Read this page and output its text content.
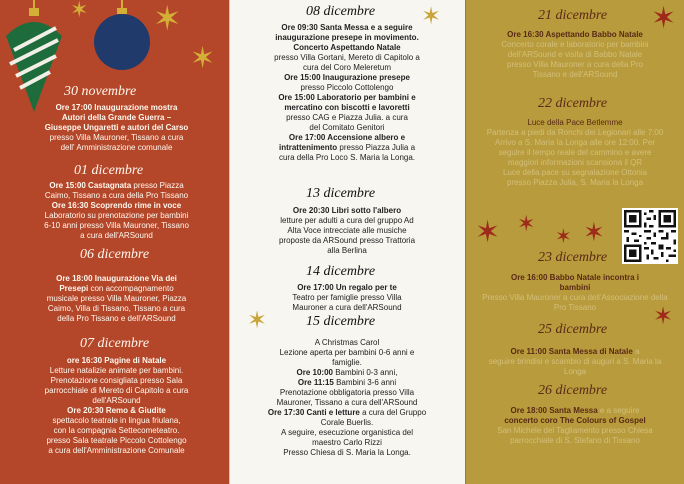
✶ ✶
✶
30 novembre
Ore 17:00 Inaugurazione mostra
Autori della Grande Guerra –
Giuseppe Ungaretti e autori del Carso
presso Villa Mauroner, Tissano a cura
dell' Amministrazione comunale
01 dicembre
Ore 15:00 Castagnata presso Piazza
Caimo, Tissano a cura della Pro Tissano
Ore 16:30 Scoprendo rime in voce
Laboratorio su prenotazione per bambini
6-10 anni presso Villa Mauroner, Tissano
a cura dell'ARSound
06 dicembre
Ore 18:00 Inaugurazione Via dei
Presepi con accompagnamento
musicale presso Villa Mauroner, Piazza
Caimo, Villa di Tissano, Tissano a cura
della Pro Tissano e dell'ARSound
07 dicembre
ore 16:30 Pagine di Natale
Letture natalizie animate per bambini.
Prenotazione consigliata presso Sala
parrocchiale di Mereto di Capitolo a cura
dell'ARSound
Ore 20:30 Remo & Giudite
spettacolo teatrale in lingua friulana,
con la compagnia Settecometeatro.
presso Sala teatrale Piccolo Cottolengo
a cura dell'Amministrazione Comunale
✶
✶
08 dicembre
Ore 09:30 Santa Messa e a seguire
inaugurazione presepe in movimento.
Concerto Aspettando Natale
presso Villa Gortani, Mereto di Capitolo a
cura del Coro Meleretum
Ore 15:00 Inaugurazione presepe
presso Piccolo Cottolengo
Ore 15:00 Laboratorio per bambini e
mercatino con biscotti e lavoretti
presso CAG e Piazza Julia. a cura
del Comitato Genitori
Ore 17:00 Accensione albero e
intrattenimento presso Piazza Julia a
cura della Pro Loco S. Maria la Longa.
13 dicembre
Ore 20:30 Libri sotto l'albero
letture per adulti a cura del gruppo Ad
Alta Voce intrecciate alle musiche
proposte da ARSound presso Trattoria
alla Berlina
14 dicembre
Ore 17:00 Un regalo per te
Teatro per famiglie presso Villa
Mauroner a cura dell'ARSound
15 dicembre
A Christmas Carol
Lezione aperta per bambini 0-6 anni e
famiglie.
Ore 10:00 Bambini 0-3 anni,
Ore 11:15 Bambini 3-6 anni
Prenotazione obbligatoria presso Villa
Mauroner, Tissano a cura dell'ARSound
Ore 17:30 Canti e letture a cura del Gruppo
Corale Buerlis.
A seguire, esecuzione organistica del
maestro Carlo Rizzi
Presso Chiesa di S. Maria la Longa.
✶
✶ ✶ ✶ ✶
✶
21 dicembre
Ore 16:30 Aspettando Babbo Natale
Concerto corale e laboratorio per bambini
dell'ARSound e visita di Babbo Natale
presso Villa Mauroner a cura della Pro
Tissano e dell'ARSound
22 dicembre
Luce della Pace Betlemme
Partenza a piedi da Ronchi dei Legionari alle 7:00
Arrivo a S. Maria la Longa alle ore 12:00. Per
seguire il tempo reale del cammino e avere
maggiori informazioni scansiona il QR
Luce della pace su segnalazione Ottonia
presso Piazza Julia, S. Maria la Longa
23 dicembre
Ore 16:00 Babbo Natale incontra i
bambini
Presso Villa Mauroner a cura dell'Associazione della
Pro Tissano
25 dicembre
Ore 11:00 Santa Messa di Natale a
seguire brindisi e scambio di auguri a S. Maria la
Longa
26 dicembre
Ore 18:00 Santa Messa e a seguire
concerto coro The Colours of Gospel
San Michele del Tagliamento presso Chiesa
parrocchiale di S. Stefano di Tissano
